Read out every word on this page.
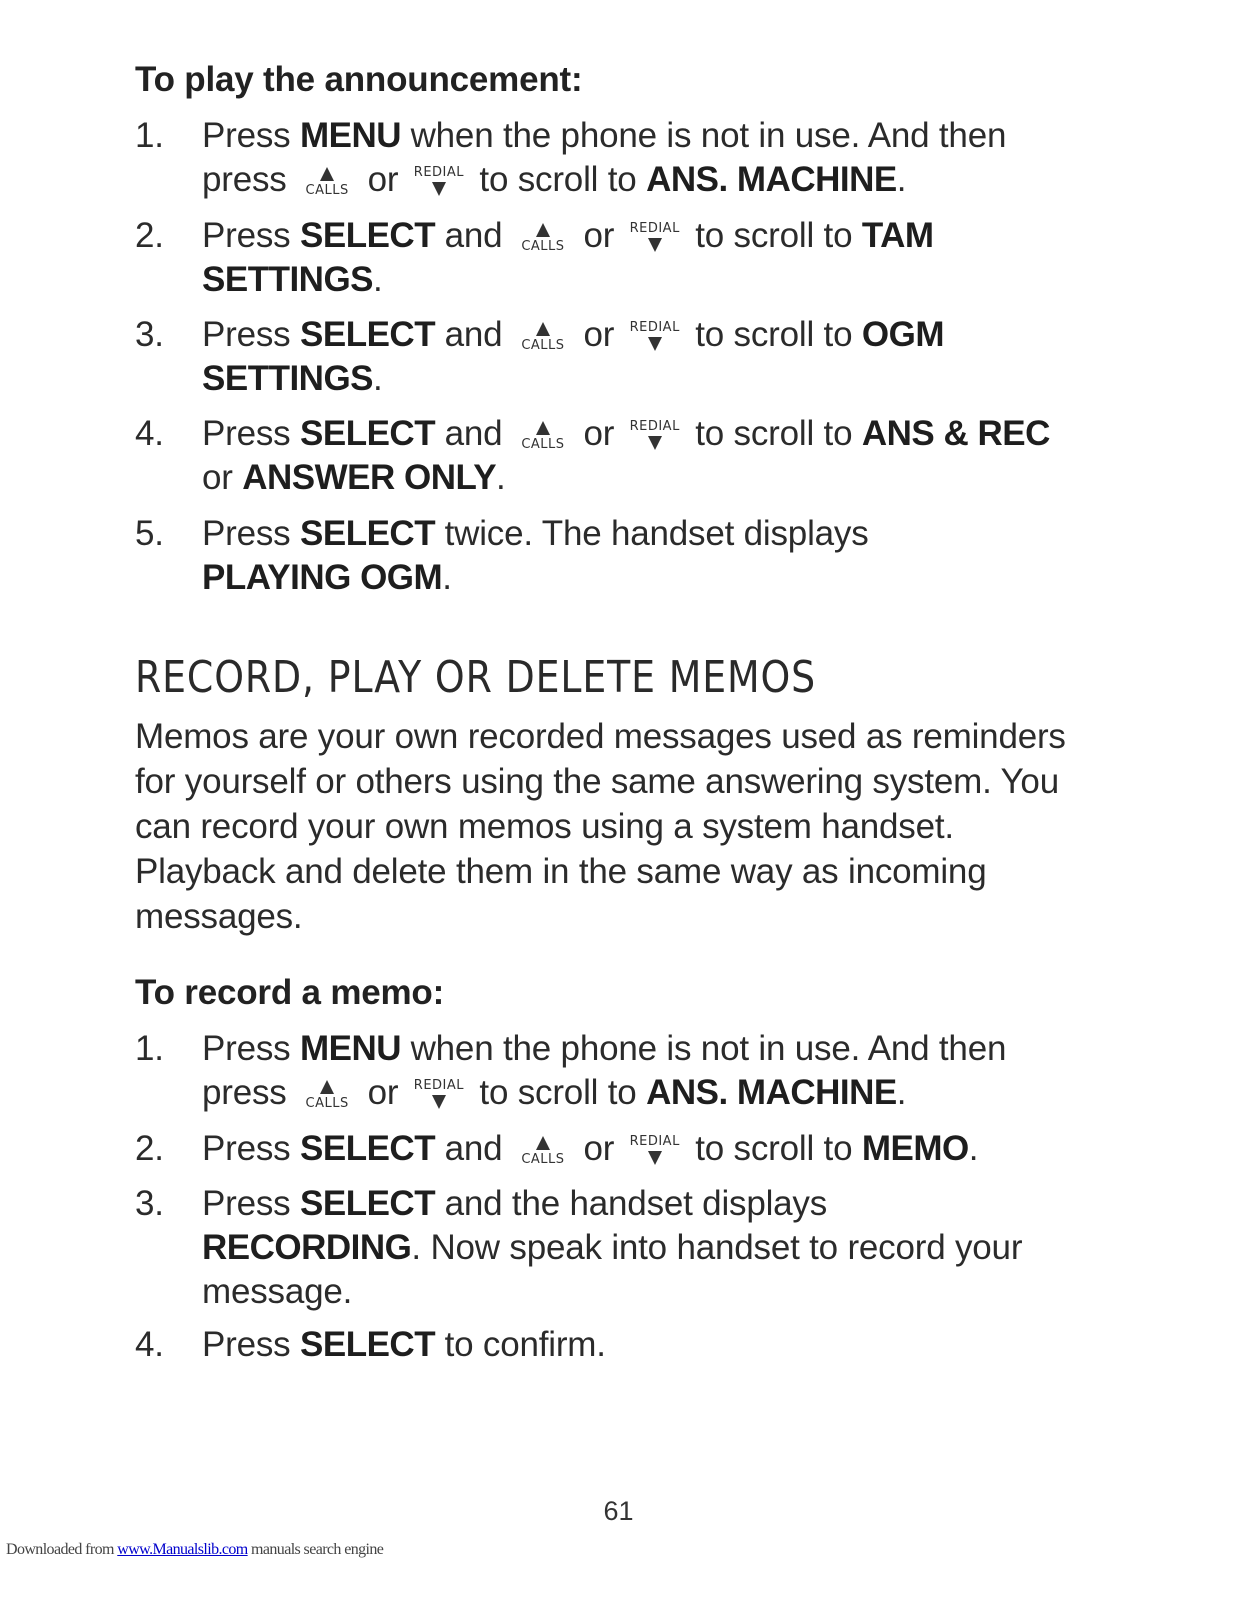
To play the announcement:
1.	Press MENU when the phone is not in use. And then
press CALLS or REDIAL to scroll to ANS. MACHINE.
2.	Press SELECT and CALLS or REDIAL to scroll to TAM
SETTINGS.
3.	Press SELECT and CALLS or REDIAL to scroll to OGM
SETTINGS.
4.	Press SELECT and CALLS or REDIAL to scroll to ANS & REC
or ANSWER ONLY.
5.	Press SELECT twice. The handset displays
PLAYING OGM.
RECORD, PLAY OR DELETE MEMOS

Memos are your own recorded messages used as reminders for yourself or others using the same answering system. You can record your own memos using a system handset. Playback and delete them in the same way as incoming messages.

To record a memo:
1.	Press MENU when the phone is not in use. And then
press CALLS or REDIAL to scroll to ANS. MACHINE.
2.	Press SELECT and CALLS or REDIAL to scroll to MEMO.
3.	Press SELECT and the handset displays
RECORDING. Now speak into handset to record your message.
4.	Press SELECT to confirm.
61
Downloaded from www.Manualslib.com manuals search engine
